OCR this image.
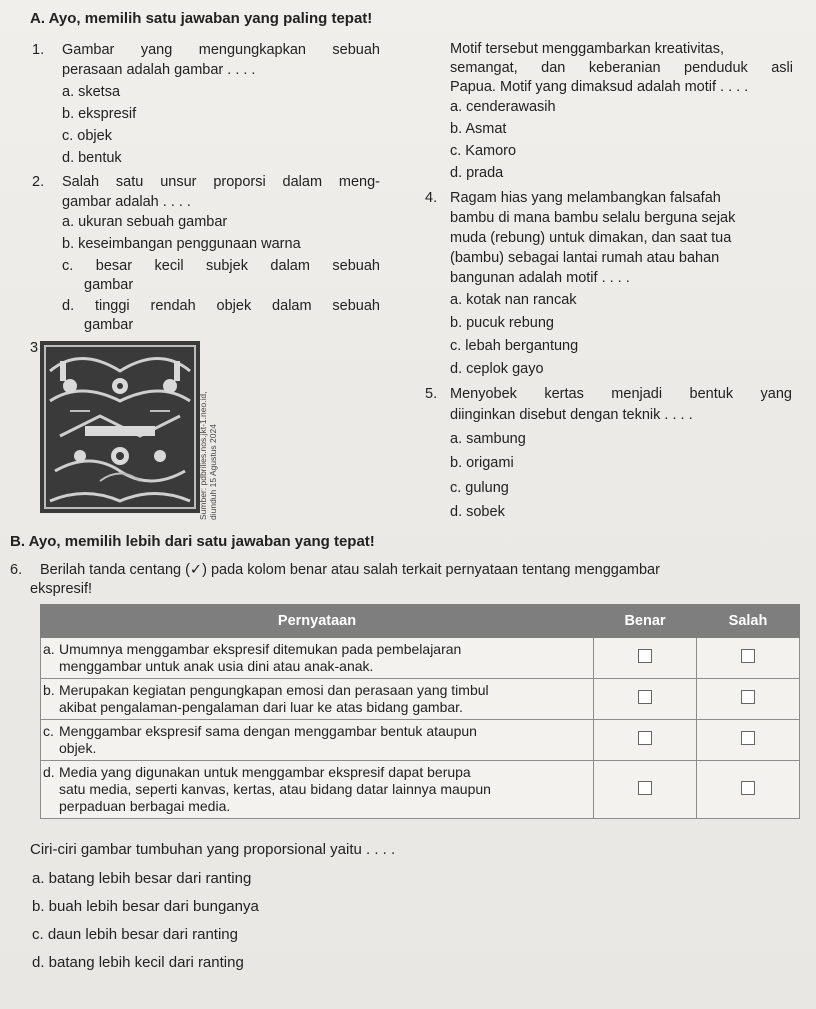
A. Ayo, memilih satu jawaban yang paling tepat!
1. Gambar yang mengungkapkan sebuah
perasaan adalah gambar . . . .
a. sketsa
b. ekspresif
c. objek
d. bentuk
2. Salah satu unsur proporsi dalam meng-
gambar adalah . . . .
a. ukuran sebuah gambar
b. keseimbangan penggunaan warna
c. besar kecil subjek dalam sebuah
gambar
d. tinggi rendah objek dalam sebuah
gambar
3
Sumber: pdbrilies.nos.jkt-1.neo.id, diunduh 15 Agustus 2024
Motif tersebut menggambarkan kreativitas,
semangat, dan keberanian penduduk asli
Papua. Motif yang dimaksud adalah motif . . . .
a. cenderawasih
b. Asmat
c. Kamoro
d. prada
4. Ragam hias yang melambangkan falsafah
bambu di mana bambu selalu berguna sejak
muda (rebung) untuk dimakan, dan saat tua
(bambu) sebagai lantai rumah atau bahan
bangunan adalah motif . . . .
a. kotak nan rancak
b. pucuk rebung
c. lebah bergantung
d. ceplok gayo
5. Menyobek kertas menjadi bentuk yang
diinginkan disebut dengan teknik . . . .
a. sambung
b. origami
c. gulung
d. sobek
B. Ayo, memilih lebih dari satu jawaban yang tepat!
6. Berilah tanda centang (✓) pada kolom benar atau salah terkait pernyataan tentang menggambar
ekspresif!
Pernyataan	Benar	Salah
a. Umumnya menggambar ekspresif ditemukan pada pembelajaran
menggambar untuk anak usia dini atau anak-anak.		
b. Merupakan kegiatan pengungkapan emosi dan perasaan yang timbul
akibat pengalaman-pengalaman dari luar ke atas bidang gambar.		
c. Menggambar ekspresif sama dengan menggambar bentuk ataupun
objek.		
d. Media yang digunakan untuk menggambar ekspresif dapat berupa
satu media, seperti kanvas, kertas, atau bidang datar lainnya maupun
perpaduan berbagai media.		
Ciri-ciri gambar tumbuhan yang proporsional yaitu . . . .
a. batang lebih besar dari ranting
b. buah lebih besar dari bunganya
c. daun lebih besar dari ranting
d. batang lebih kecil dari ranting
